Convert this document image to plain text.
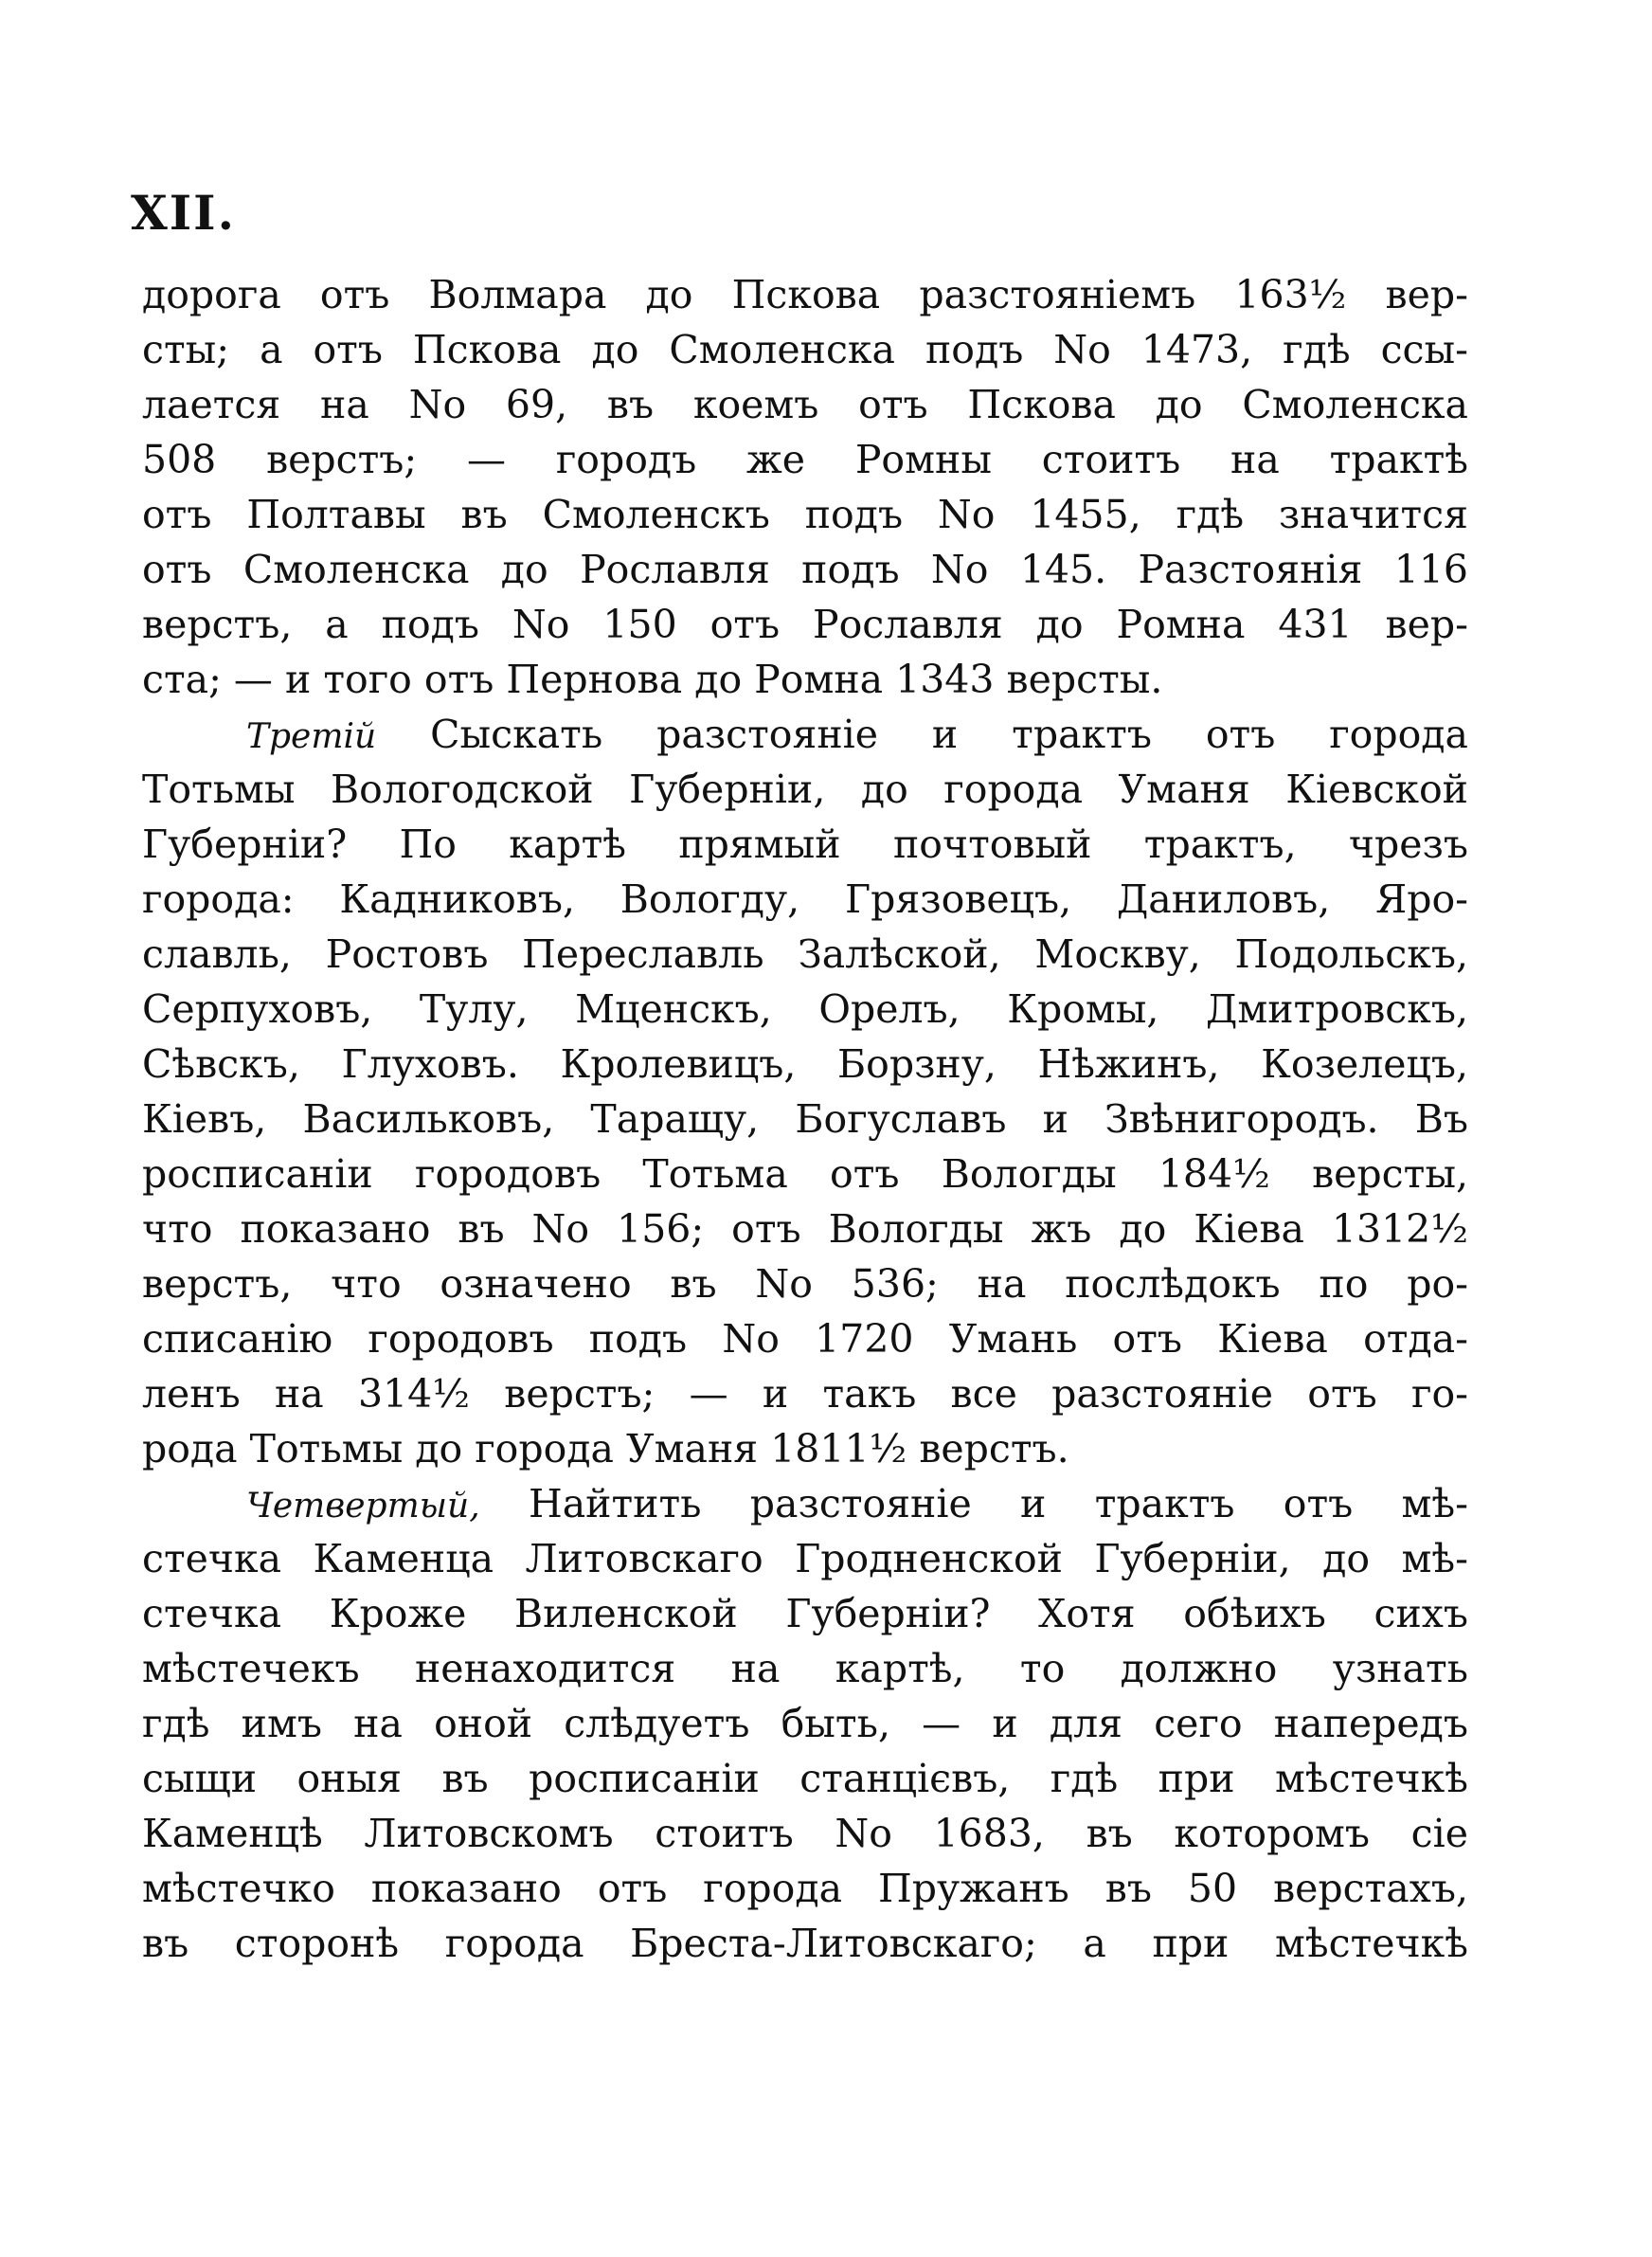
XII.
дорога отъ Волмара до Пскова разстояніемъ 163½ вер-
сты; а отъ Пскова до Смоленска подъ No 1473, гдѣ ссы-
лается на No 69, въ коемъ отъ Пскова до Смоленска
508 верстъ; — городъ же Ромны стоитъ на трактѣ
отъ Полтавы въ Смоленскъ подъ No 1455, гдѣ значится
отъ Смоленска до Рославля подъ No 145. Разстоянія 116
верстъ, а подъ No 150 отъ Рославля до Ромна 431 вер-
ста; — и того отъ Пернова до Ромна 1343 версты.
Третій Сыскать разстояніе и трактъ отъ города
Тотьмы Вологодской Губерніи, до города Уманя Кіевской
Губерніи? По картѣ прямый почтовый трактъ, чрезъ
города: Кадниковъ, Вологду, Грязовецъ, Даниловъ, Яро-
славль, Ростовъ Переславль Залѣской, Москву, Подольскъ,
Серпуховъ, Тулу, Мценскъ, Орелъ, Кромы, Дмитровскъ,
Сѣвскъ, Глуховъ. Кролевицъ, Борзну, Нѣжинъ, Козелецъ,
Кіевъ, Васильковъ, Таращу, Богуславъ и Звѣнигородъ. Въ
росписаніи городовъ Тотьма отъ Вологды 184½ версты,
что показано въ No 156; отъ Вологды жъ до Кіева 1312½
верстъ, что означено въ No 536; на послѣдокъ по ро-
списанію городовъ подъ No 1720 Умань отъ Кіева отда-
ленъ на 314½ верстъ; — и такъ все разстояніе отъ го-
рода Тотьмы до города Уманя 1811½ верстъ.
Четвертый, Найтить разстояніе и трактъ отъ мѣ-
стечка Каменца Литовскаго Гродненской Губерніи, до мѣ-
стечка Кроже Виленской Губерніи? Хотя обѣихъ сихъ
мѣстечекъ ненаходится на картѣ, то должно узнать
гдѣ имъ на оной слѣдуетъ быть, — и для сего напередъ
сыщи оныя въ росписаніи станцієвъ, гдѣ при мѣстечкѣ
Каменцѣ Литовскомъ стоитъ No 1683, въ которомъ сіе
мѣстечко показано отъ города Пружанъ въ 50 верстахъ,
въ сторонѣ города Бреста-Литовскаго; а при мѣстечкѣ
